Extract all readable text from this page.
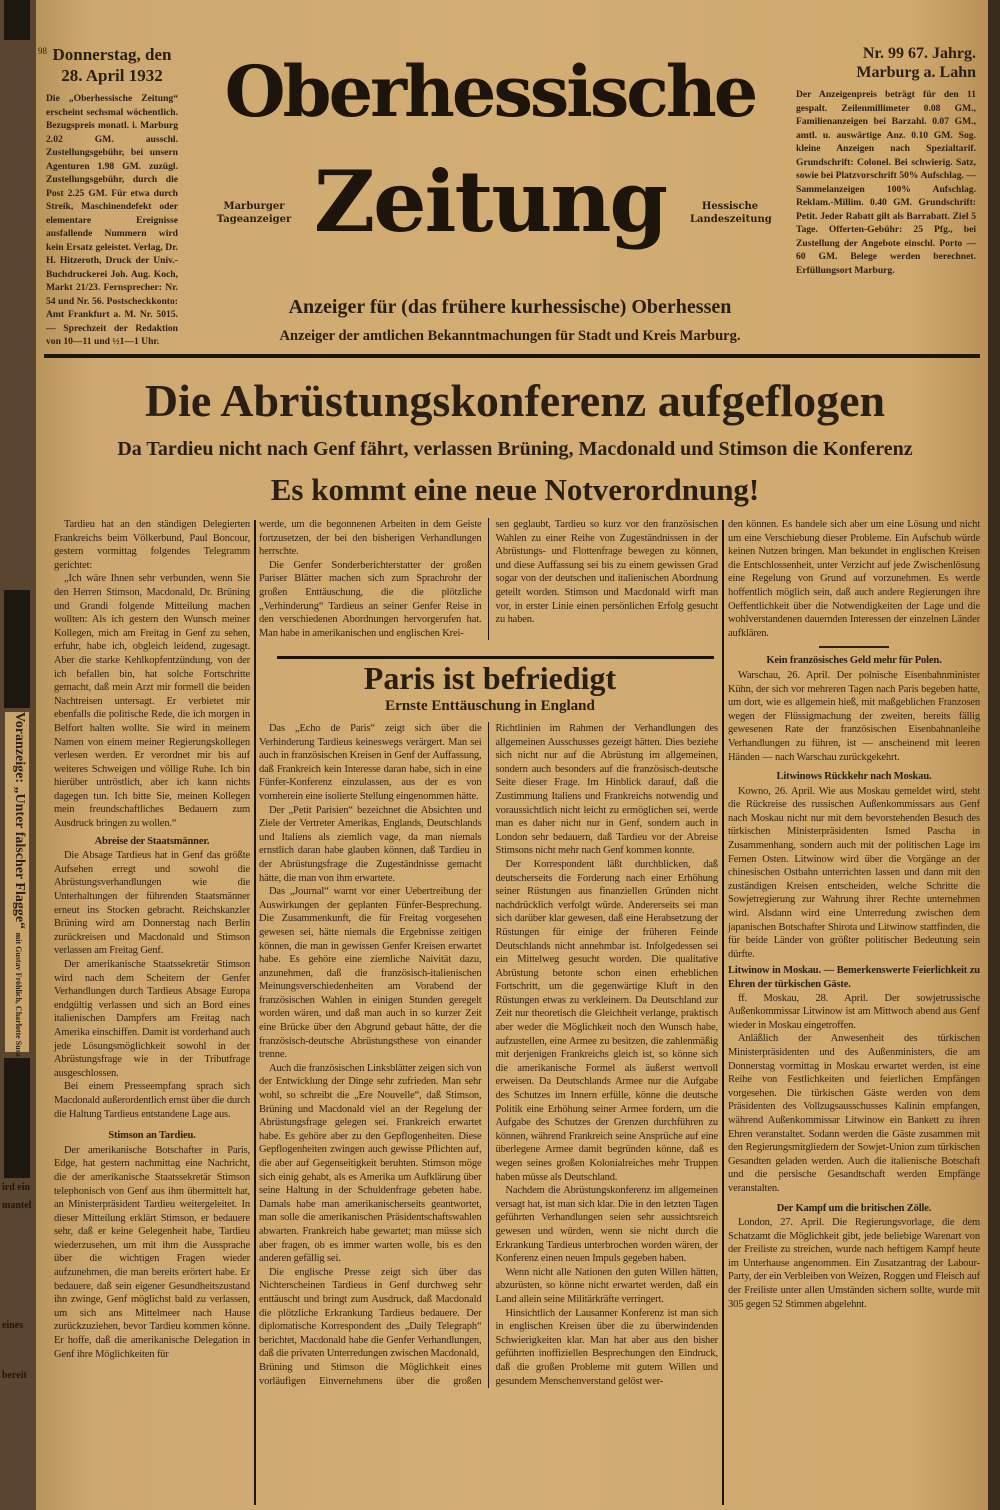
Voranzeige: „Unter falscher Flagge“ mit Gustav Fröhlich, Charlotte Susa
ird ein
mantel
eines
bereit
98 Donnerstag, den 28. April 1932
Die „Oberhessische Zeitung“ erscheint sechsmal wöchentlich. Bezugspreis monatl. i. Marburg 2.02 GM. ausschl. Zustellungsgebühr, bei unsern Agenturen 1.98 GM. zuzügl. Zustellungsgebühr, durch die Post 2.25 GM. Für etwa durch Streik, Maschinendefekt oder elementare Ereignisse ausfallende Nummern wird kein Ersatz geleistet. Verlag, Dr. H. Hitzeroth, Druck der Univ.-Buchdruckerei Joh. Aug. Koch, Markt 21/23. Fernsprecher: Nr. 54 und Nr. 56. Postscheckkonto: Amt Frankfurt a. M. Nr. 5015. — Sprechzeit der Redaktion von 10—11 und ½1—1 Uhr.
Oberhessische
Zeitung
Marburger Tageanzeiger
Hessische Landeszeitung
Nr. 99 67. Jahrg.
Marburg a. Lahn
Der Anzeigenpreis beträgt für den 11 gespalt. Zeilenmillimeter 0.08 GM., Familienanzeigen bei Barzahl. 0.07 GM., amtl. u. auswärtige Anz. 0.10 GM. Sog. kleine Anzeigen nach Spezialtarif. Grundschrift: Colonel. Bei schwierig. Satz, sowie bei Platzvorschrift 50% Aufschlag. — Sammelanzeigen 100% Aufschlag. Reklam.-Millim. 0.40 GM. Grundschrift: Petit. Jeder Rabatt gilt als Barrabatt. Ziel 5 Tage. Offerten-Gebühr: 25 Pfg., bei Zustellung der Angebote einschl. Porto — 60 GM. Belege werden berechnet. Erfüllungsort Marburg.
Anzeiger für (das frühere kurhessische) Oberhessen
Anzeiger der amtlichen Bekanntmachungen für Stadt und Kreis Marburg.
Die Abrüstungskonferenz aufgeflogen
Da Tardieu nicht nach Genf fährt, verlassen Brüning, Macdonald und Stimson die Konferenz
Es kommt eine neue Notverordnung!

Tardieu hat an den ständigen Delegierten Frankreichs beim Völkerbund, Paul Boncour, gestern vormittag folgendes Telegramm gerichtet:

„Ich wäre Ihnen sehr verbunden, wenn Sie den Herren Stimson, Macdonald, Dr. Brüning und Grandi folgende Mitteilung machen wollten: Als ich gestern den Wunsch meiner Kollegen, mich am Freitag in Genf zu sehen, erfuhr, habe ich, obgleich leidend, zugesagt. Aber die starke Kehlkopfentzündung, von der ich befallen bin, hat solche Fortschritte gemacht, daß mein Arzt mir formell die beiden Nachtreisen untersagt. Er verbietet mir ebenfalls die politische Rede, die ich morgen in Belfort halten wollte. Sie wird in meinem Namen von einem meiner Regierungskollegen verlesen werden. Er verordnet mir bis auf weiteres Schweigen und völlige Ruhe. Ich bin hierüber untröstlich, aber ich kann nichts dagegen tun. Ich bitte Sie, meinen Kollegen mein freundschaftliches Bedauern zum Ausdruck bringen zu wollen.“

Abreise der Staatsmänner.

Die Absage Tardieus hat in Genf das größte Aufsehen erregt und sowohl die Abrüstungsverhandlungen wie die Unterhaltungen der führenden Staatsmänner erneut ins Stocken gebracht. Reichskanzler Brüning wird am Donnerstag nach Berlin zurückreisen und Macdonald und Stimson verlassen am Freitag Genf.

Der amerikanische Staatssekretär Stimson wird nach dem Scheitern der Genfer Verhandlungen durch Tardieus Absage Europa endgültig verlassen und sich an Bord eines italienischen Dampfers am Freitag nach Amerika einschiffen. Damit ist vorderhand auch jede Lösungsmöglichkeit sowohl in der Abrüstungsfrage wie in der Tributfrage ausgeschlossen.

Bei einem Presseempfang sprach sich Macdonald außerordentlich ernst über die durch die Haltung Tardieus entstandene Lage aus.

Stimson an Tardieu.

Der amerikanische Botschafter in Paris, Edge, hat gestern nachmittag eine Nachricht, die der amerikanische Staatssekretär Stimson telephonisch von Genf aus ihm übermittelt hat, an Ministerpräsident Tardieu weitergeleitet. In dieser Mitteilung erklärt Stimson, er bedauere sehr, daß er keine Gelegenheit habe, Tardieu wiederzusehen, um mit ihm die Aussprache über die wichtigen Fragen wieder aufzunehmen, die man bereits erörtert habe. Er bedauere, daß sein eigener Gesundheitszustand ihn zwinge, Genf möglichst bald zu verlassen, um sich ans Mittelmeer nach Hause zurückzuziehen, bevor Tardieu kommen könne. Er hoffe, daß die amerikanische Delegation in Genf ihre Möglichkeiten für

werde, um die begonnenen Arbeiten in dem Geiste fortzusetzen, der bei den bisherigen Verhandlungen herrschte.

Die Genfer Sonderberichterstatter der großen Pariser Blätter machen sich zum Sprachrohr der großen Enttäuschung, die die plötzliche „Verhinderung“ Tardieus an seiner Genfer Reise in den verschiedenen Abordnungen hervorgerufen hat. Man habe in amerikanischen und englischen Krei-

sen geglaubt, Tardieu so kurz vor den französischen Wahlen zu einer Reihe von Zugeständnissen in der Abrüstungs- und Flottenfrage bewegen zu können, und diese Auffassung sei bis zu einem gewissen Grad sogar von der deutschen und italienischen Abordnung geteilt worden. Stimson und Macdonald wirft man vor, in erster Linie einen persönlichen Erfolg gesucht zu haben.

Paris ist befriedigt
Ernste Enttäuschung in England

Das „Echo de Paris“ zeigt sich über die Verhinderung Tardieus keineswegs verärgert. Man sei auch in französischen Kreisen in Genf der Auffassung, daß Frankreich kein Interesse daran habe, sich in eine Fünfer-Konferenz einzulassen, aus der es von vornherein eine isolierte Stellung eingenommen hätte.

Der „Petit Parisien“ bezeichnet die Absichten und Ziele der Vertreter Amerikas, Englands, Deutschlands und Italiens als ziemlich vage, da man niemals ernstlich daran habe glauben können, daß Tardieu in der Abrüstungsfrage die Zugeständnisse gemacht hätte, die man von ihm erwartete.

Das „Journal“ warnt vor einer Uebertreibung der Auswirkungen der geplanten Fünfer-Besprechung. Die Zusammenkunft, die für Freitag vorgesehen gewesen sei, hätte niemals die Ergebnisse zeitigen können, die man in gewissen Genfer Kreisen erwartet habe. Es gehöre eine ziemliche Naivität dazu, anzunehmen, daß die französisch-italienischen Meinungsverschiedenheiten am Vorabend der französischen Wahlen in einigen Stunden geregelt worden wären, und daß man auch in so kurzer Zeit eine Brücke über den Abgrund gebaut hätte, der die französisch-deutsche Abrüstungsthese von einander trenne.

Auch die französischen Linksblätter zeigen sich von der Entwicklung der Dinge sehr zufrieden. Man sehr wohl, so schreibt die „Ere Nouvelle“, daß Stimson, Brüning und Macdonald viel an der Regelung der Abrüstungsfrage gelegen sei. Frankreich erwartet habe. Es gehöre aber zu den Gepflogenheiten. Diese Gepflogenheiten zwingen auch gewisse Pflichten auf, die aber auf Gegenseitigkeit beruhten. Stimson möge sich einig gehabt, als es Amerika um Aufklärung über seine Haltung in der Schuldenfrage gebeten habe. Damals habe man amerikanischerseits geantwortet, man solle die amerikanischen Präsidentschaftswahlen abwarten. Frankreich habe gewartet; man müsse sich aber fragen, ob es immer warten wolle, bis es den anderen gefällig sei.

Die englische Presse zeigt sich über das Nichterscheinen Tardieus in Genf durchweg sehr enttäuscht und bringt zum Ausdruck, daß Macdonald die plötzliche Erkrankung Tardieus bedauere. Der diplomatische Korrespondent des „Daily Telegraph“ berichtet, Macdonald habe die Genfer Verhandlungen, daß die privaten Unterredungen zwischen Macdonald,

Brüning und Stimson die Möglichkeit eines vorläufigen Einvernehmens über die großen Richtlinien im Rahmen der Verhandlungen des allgemeinen Ausschusses gezeigt hätten. Dies beziehe sich nicht nur auf die Abrüstung im allgemeinen, sondern auch besonders auf die französisch-deutsche Seite dieser Frage. Im Hinblick darauf, daß die Zustimmung Italiens und Frankreichs notwendig und voraussichtlich nicht leicht zu ermöglichen sei, werde man es daher nicht nur in Genf, sondern auch in London sehr bedauern, daß Tardieu vor der Abreise Stimsons nicht mehr nach Genf kommen konnte.

Der Korrespondent läßt durchblicken, daß deutscherseits die Forderung nach einer Erhöhung seiner Rüstungen aus finanziellen Gründen nicht nachdrücklich verfolgt würde. Andererseits sei man sich darüber klar gewesen, daß eine Herabsetzung der Rüstungen für einige der früheren Feinde Deutschlands nicht annehmbar ist. Infolgedessen sei ein Mittelweg gesucht worden. Die qualitative Abrüstung betonte schon einen erheblichen Fortschritt, um die gegenwärtige Kluft in den Rüstungen etwas zu verkleinern. Da Deutschland zur Zeit nur theoretisch die Gleichheit verlange, praktisch aber weder die Möglichkeit noch den Wunsch habe, aufzustellen, eine Armee zu besitzen, die zahlenmäßig mit derjenigen Frankreichs gleich ist, so könne sich die amerikanische Formel als äußerst wertvoll erweisen. Da Deutschlands Armee nur die Aufgabe des Schutzes im Innern erfülle, könne die deutsche Politik eine Erhöhung seiner Armee fordern, um die Aufgabe des Schutzes der Grenzen durchführen zu können, während Frankreich seine Ansprüche auf eine überlegene Armee damit begründen könne, daß es wegen seines großen Kolonialreiches mehr Truppen haben müsse als Deutschland.

Nachdem die Abrüstungskonferenz im allgemeinen versagt hat, ist man sich klar. Die in den letzten Tagen geführten Verhandlungen seien sehr aussichtsreich gewesen und würden, wenn sie nicht durch die Erkrankung Tardieus unterbrochen worden wären, der Konferenz einen neuen Impuls gegeben haben.

Wenn nicht alle Nationen den guten Willen hätten, abzurüsten, so könne nicht erwartet werden, daß ein Land allein seine Militärkräfte verringert.

Hinsichtlich der Lausanner Konferenz ist man sich in englischen Kreisen über die zu überwindenden Schwierigkeiten klar. Man hat aber aus den bisher geführten inoffiziellen Besprechungen den Eindruck, daß die großen Probleme mit gutem Willen und gesundem Menschenverstand gelöst wer-

den können. Es handele sich aber um eine Lösung und nicht um eine Verschiebung dieser Probleme. Ein Aufschub würde keinen Nutzen bringen. Man bekundet in englischen Kreisen die Entschlossenheit, unter Verzicht auf jede Zwischenlösung eine Regelung von Grund auf vorzunehmen. Es werde hoffentlich möglich sein, daß auch andere Regierungen ihre Oeffentlichkeit über die Notwendigkeiten der Lage und die wohlverstandenen dauernden Interessen der einzelnen Länder aufklären.

Kein französisches Geld mehr für Polen.

Warschau, 26. April. Der polnische Eisenbahnminister Kühn, der sich vor mehreren Tagen nach Paris begeben hatte, um dort, wie es allgemein hieß, mit maßgeblichen Franzosen wegen der Flüssigmachung der zweiten, bereits fällig gewesenen Rate der französischen Eisenbahnanleihe Verhandlungen zu führen, ist — anscheinend mit leeren Händen — nach Warschau zurückgekehrt.

Litwinows Rückkehr nach Moskau.

Kowno, 26. April. Wie aus Moskau gemeldet wird, steht die Rückreise des russischen Außenkommissars aus Genf nach Moskau nicht nur mit dem bevorstehenden Besuch des türkischen Ministerpräsidenten Ismed Pascha in Zusammenhang, sondern auch mit der politischen Lage im Fernen Osten. Litwinow wird über die Vorgänge an der chinesischen Ostbahn unterrichten lassen und dann mit den zuständigen Kreisen entscheiden, welche Schritte die Sowjetregierung zur Wahrung ihrer Rechte unternehmen wird. Alsdann wird eine Unterredung zwischen dem japanischen Botschafter Shirota und Litwinow stattfinden, die für beide Länder von größter politischer Bedeutung sein dürfte.

Litwinow in Moskau. — Bemerkenswerte Feierlichkeit zu Ehren der türkischen Gäste.

ff. Moskau, 28. April. Der sowjetrussische Außenkommissar Litwinow ist am Mittwoch abend aus Genf wieder in Moskau eingetroffen.

Anläßlich der Anwesenheit des türkischen Ministerpräsidenten und des Außenministers, die am Donnerstag vormittag in Moskau erwartet werden, ist eine Reihe von Festlichkeiten und feierlichen Empfängen vorgesehen. Die türkischen Gäste werden von dem Präsidenten des Vollzugsausschusses Kalinin empfangen, während Außenkommissar Litwinow ein Bankett zu ihren Ehren veranstaltet. Sodann werden die Gäste zusammen mit den Regierungsmitgliedern der Sowjet-Union zum türkischen Gesandten geladen werden. Auch die italienische Botschaft und die persische Gesandtschaft werden Empfänge veranstalten.

Der Kampf um die britischen Zölle.

London, 27. April. Die Regierungsvorlage, die dem Schatzamt die Möglichkeit gibt, jede beliebige Warenart von der Freiliste zu streichen, wurde nach heftigem Kampf heute im Unterhause angenommen. Ein Zusatzantrag der Labour-Party, der ein Verbleiben von Weizen, Roggen und Fleisch auf der Freiliste unter allen Umständen sichern sollte, wurde mit 305 gegen 52 Stimmen abgelehnt.
